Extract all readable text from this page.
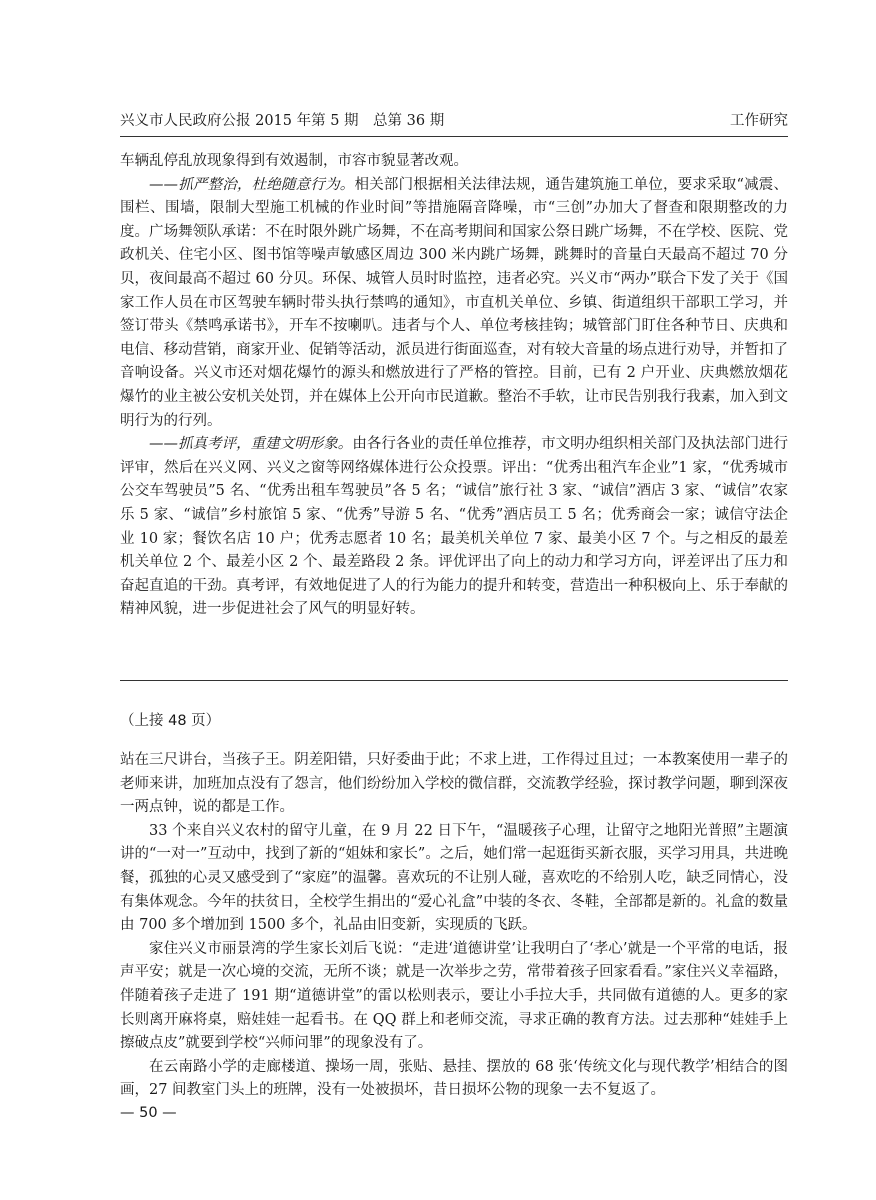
兴义市人民政府公报 2015 年第 5 期　总第 36 期	工作研究

车辆乱停乱放现象得到有效遏制，市容市貌显著改观。

——抓严整治，杜绝随意行为。相关部门根据相关法律法规，通告建筑施工单位，要求采取“减震、围栏、围墙，限制大型施工机械的作业时间”等措施隔音降噪，市“三创”办加大了督查和限期整改的力度。广场舞领队承诺：不在时限外跳广场舞，不在高考期间和国家公祭日跳广场舞，不在学校、医院、党政机关、住宅小区、图书馆等噪声敏感区周边 300 米内跳广场舞，跳舞时的音量白天最高不超过 70 分贝，夜间最高不超过 60 分贝。环保、城管人员时时监控，违者必究。兴义市“两办”联合下发了关于《国家工作人员在市区驾驶车辆时带头执行禁鸣的通知》，市直机关单位、乡镇、街道组织干部职工学习，并签订带头《禁鸣承诺书》，开车不按喇叭。违者与个人、单位考核挂钩；城管部门盯住各种节日、庆典和电信、移动营销，商家开业、促销等活动，派员进行街面巡查，对有较大音量的场点进行劝导，并暂扣了音响设备。兴义市还对烟花爆竹的源头和燃放进行了严格的管控。目前，已有 2 户开业、庆典燃放烟花爆竹的业主被公安机关处罚，并在媒体上公开向市民道歉。整治不手软，让市民告别我行我素，加入到文明行为的行列。

——抓真考评，重建文明形象。由各行各业的责任单位推荐，市文明办组织相关部门及执法部门进行评审，然后在兴义网、兴义之窗等网络媒体进行公众投票。评出：“优秀出租汽车企业”1 家，“优秀城市公交车驾驶员”5 名、“优秀出租车驾驶员”各 5 名；“诚信”旅行社 3 家、“诚信”酒店 3 家、“诚信”农家乐 5 家、“诚信”乡村旅馆 5 家、“优秀”导游 5 名、“优秀”酒店员工 5 名；优秀商会一家；诚信守法企业 10 家；餐饮名店 10 户；优秀志愿者 10 名；最美机关单位 7 家、最美小区 7 个。与之相反的最差机关单位 2 个、最差小区 2 个、最差路段 2 条。评优评出了向上的动力和学习方向，评差评出了压力和奋起直追的干劲。真考评，有效地促进了人的行为能力的提升和转变，营造出一种积极向上、乐于奉献的精神风貌，进一步促进社会了风气的明显好转。

（上接 48 页）

站在三尺讲台，当孩子王。阴差阳错，只好委曲于此；不求上进，工作得过且过；一本教案使用一辈子的老师来讲，加班加点没有了怨言，他们纷纷加入学校的微信群，交流教学经验，探讨教学问题，聊到深夜一两点钟，说的都是工作。

33 个来自兴义农村的留守儿童，在 9 月 22 日下午，“温暖孩子心理，让留守之地阳光普照”主题演讲的“一对一”互动中，找到了新的“姐妹和家长”。之后，她们常一起逛街买新衣服，买学习用具，共进晚餐，孤独的心灵又感受到了“家庭”的温馨。喜欢玩的不让别人碰，喜欢吃的不给别人吃，缺乏同情心，没有集体观念。今年的扶贫日，全校学生捐出的“爱心礼盒”中装的冬衣、冬鞋，全部都是新的。礼盒的数量由 700 多个增加到 1500 多个，礼品由旧变新，实现质的飞跃。

家住兴义市丽景湾的学生家长刘后飞说：“走进‘道德讲堂’让我明白了‘孝心’就是一个平常的电话，报声平安；就是一次心境的交流，无所不谈；就是一次举步之劳，常带着孩子回家看看。”家住兴义幸福路，伴随着孩子走进了 191 期“道德讲堂”的雷以松则表示，要让小手拉大手，共同做有道德的人。更多的家长则离开麻将桌，赔娃娃一起看书。在 QQ 群上和老师交流，寻求正确的教育方法。过去那种“娃娃手上擦破点皮”就要到学校“兴师问罪”的现象没有了。

在云南路小学的走廊楼道、操场一周，张贴、悬挂、摆放的 68 张‘传统文化与现代教学’相结合的图画，27 间教室门头上的班牌，没有一处被损坏，昔日损坏公物的现象一去不复返了。

— 50 —
